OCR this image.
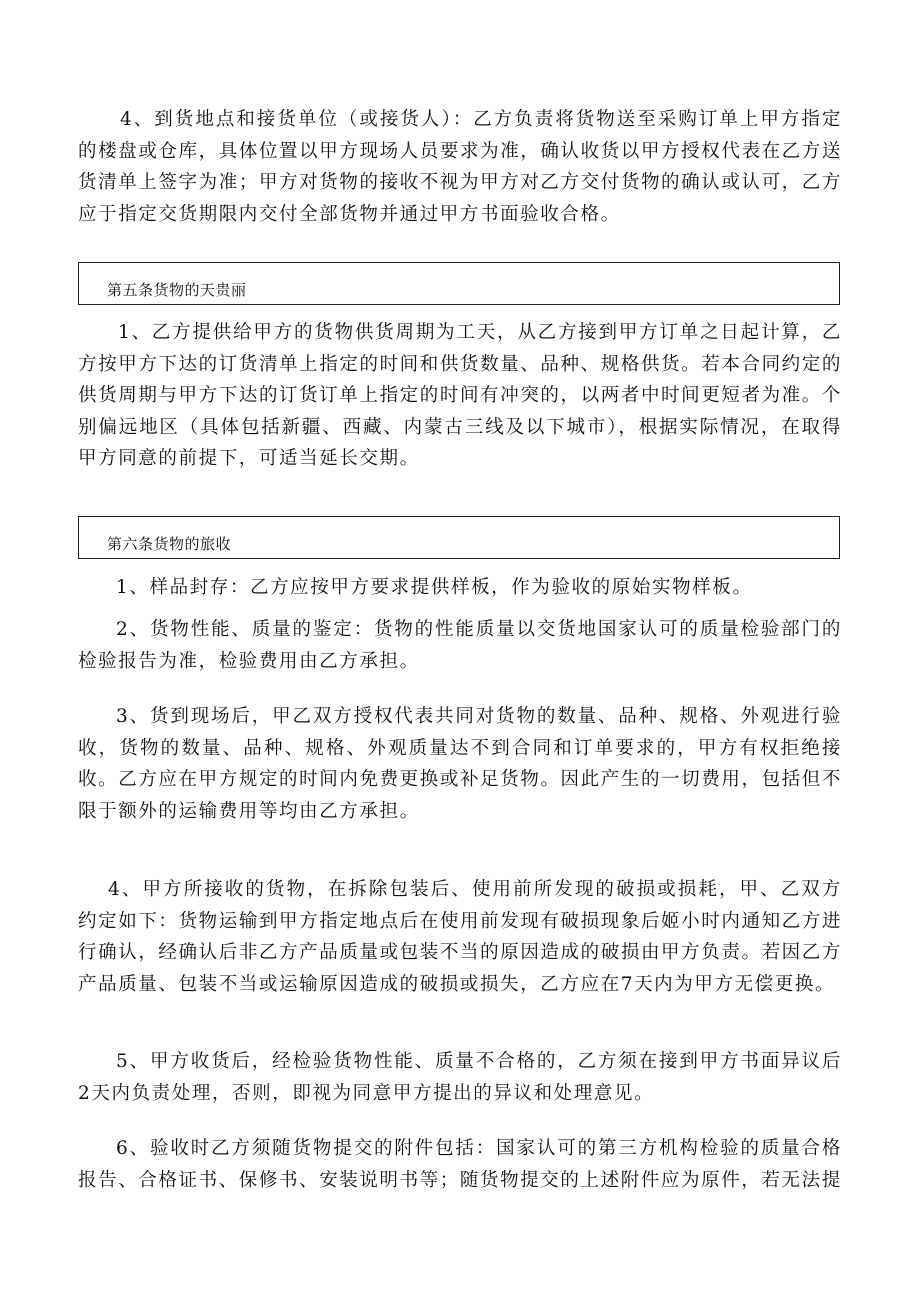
4、到货地点和接货单位（或接货人）：乙方负责将货物送至采购订单上甲方指定的楼盘或仓库，具体位置以甲方现场人员要求为准，确认收货以甲方授权代表在乙方送货清单上签字为准；甲方对货物的接收不视为甲方对乙方交付货物的确认或认可，乙方应于指定交货期限内交付全部货物并通过甲方书面验收合格。

第五条货物的天贵丽

1、乙方提供给甲方的货物供货周期为工天，从乙方接到甲方订单之日起计算，乙方按甲方下达的订货清单上指定的时间和供货数量、品种、规格供货。若本合同约定的供货周期与甲方下达的订货订单上指定的时间有冲突的，以两者中时间更短者为准。个别偏远地区（具体包括新疆、西藏、内蒙古三线及以下城市），根据实际情况，在取得甲方同意的前提下，可适当延长交期。

第六条货物的旅收

1、样品封存：乙方应按甲方要求提供样板，作为验收的原始实物样板。

2、货物性能、质量的鉴定：货物的性能质量以交货地国家认可的质量检验部门的检验报告为准，检验费用由乙方承担。

3、货到现场后，甲乙双方授权代表共同对货物的数量、品种、规格、外观进行验收，货物的数量、品种、规格、外观质量达不到合同和订单要求的，甲方有权拒绝接收。乙方应在甲方规定的时间内免费更换或补足货物。因此产生的一切费用，包括但不限于额外的运输费用等均由乙方承担。

4、甲方所接收的货物，在拆除包装后、使用前所发现的破损或损耗，甲、乙双方约定如下：货物运输到甲方指定地点后在使用前发现有破损现象后姬小时内通知乙方进行确认，经确认后非乙方产品质量或包装不当的原因造成的破损由甲方负责。若因乙方产品质量、包装不当或运输原因造成的破损或损失，乙方应在7天内为甲方无偿更换。

5、甲方收货后，经检验货物性能、质量不合格的，乙方须在接到甲方书面异议后2天内负责处理，否则，即视为同意甲方提出的异议和处理意见。

6、验收时乙方须随货物提交的附件包括：国家认可的第三方机构检验的质量合格报告、合格证书、保修书、安装说明书等；随货物提交的上述附件应为原件，若无法提
